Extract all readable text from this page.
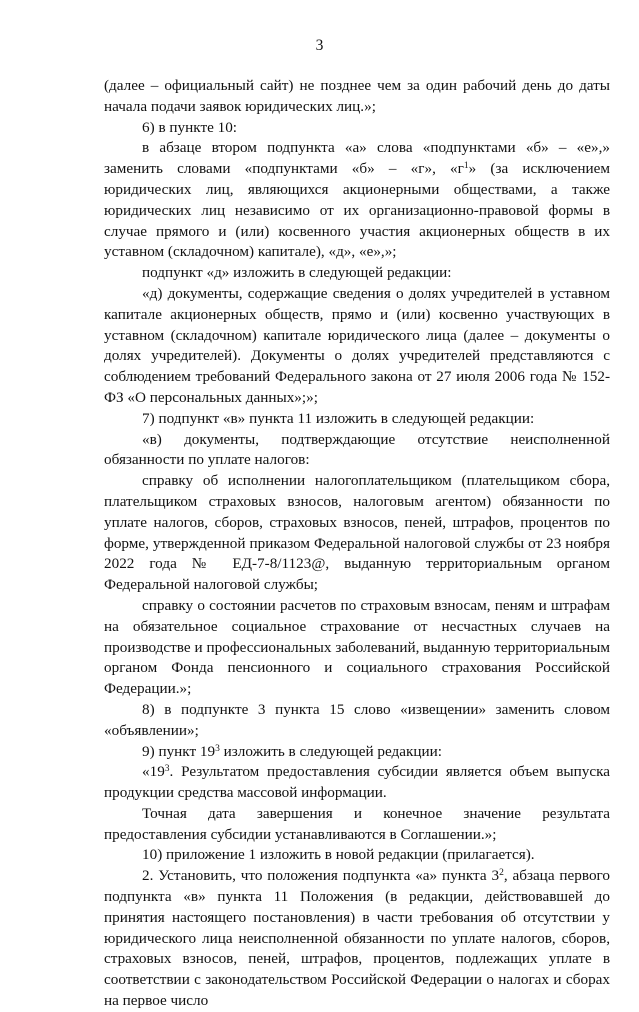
3

(далее – официальный сайт) не позднее чем за один рабочий день до даты начала подачи заявок юридических лиц.»;

6) в пункте 10:

в абзаце втором подпункта «а» слова «подпунктами «б» – «е»,» заменить словами «подпунктами «б» – «г», «$г^1$» (за исключением юридических лиц, являющихся акционерными обществами, а также юридических лиц независимо от их организационно-правовой формы в случае прямого и (или) косвенного участия акционерных обществ в их уставном (складочном) капитале), «д», «е»,»;

подпункт «д» изложить в следующей редакции:

«д) документы, содержащие сведения о долях учредителей в уставном капитале акционерных обществ, прямо и (или) косвенно участвующих в уставном (складочном) капитале юридического лица (далее – документы о долях учредителей). Документы о долях учредителей представляются с соблюдением требований Федерального закона от 27 июля 2006 года № 152-ФЗ «О персональных данных»;»;

7) подпункт «в» пункта 11 изложить в следующей редакции:

«в) документы, подтверждающие отсутствие неисполненной обязанности по уплате налогов:

справку об исполнении налогоплательщиком (плательщиком сбора, плательщиком страховых взносов, налоговым агентом) обязанности по уплате налогов, сборов, страховых взносов, пеней, штрафов, процентов по форме, утвержденной приказом Федеральной налоговой службы от 23 ноября 2022 года № ЕД-7-8/1123@, выданную территориальным органом Федеральной налоговой службы;

справку о состоянии расчетов по страховым взносам, пеням и штрафам на обязательное социальное страхование от несчастных случаев на производстве и профессиональных заболеваний, выданную территориальным органом Фонда пенсионного и социального страхования Российской Федерации.»;

8) в подпункте 3 пункта 15 слово «извещении» заменить словом «объявлении»;

9) пункт $19^3$ изложить в следующей редакции:

«$19^3$. Результатом предоставления субсидии является объем выпуска продукции средства массовой информации.

Точная дата завершения и конечное значение результата предоставления субсидии устанавливаются в Соглашении.»;

10) приложение 1 изложить в новой редакции (прилагается).

2. Установить, что положения подпункта «а» пункта $3^2$, абзаца первого подпункта «в» пункта 11 Положения (в редакции, действовавшей до принятия настоящего постановления) в части требования об отсутствии у юридического лица неисполненной обязанности по уплате налогов, сборов, страховых взносов, пеней, штрафов, процентов, подлежащих уплате в соответствии с законодательством Российской Федерации о налогах и сборах на первое число
